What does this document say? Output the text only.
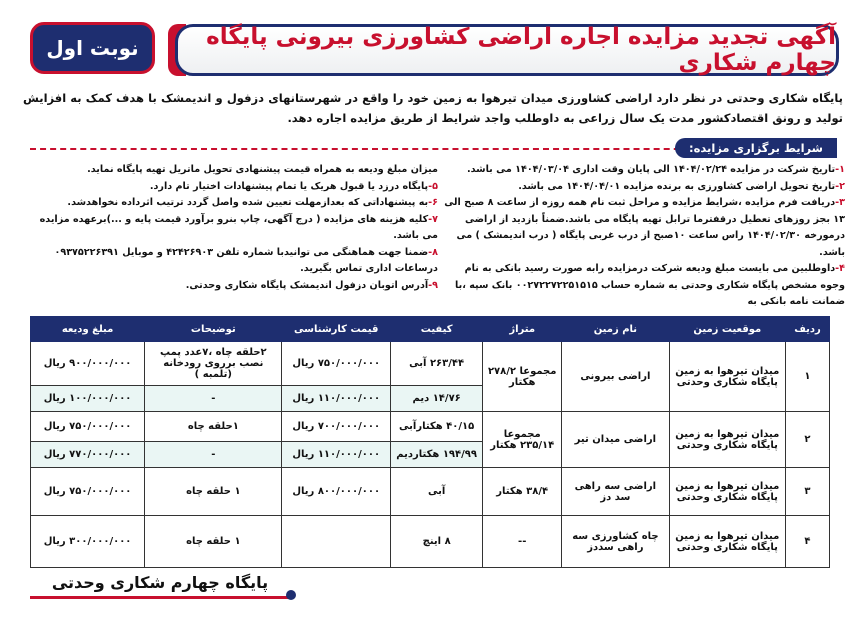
آگهی تجدید مزایده اجاره اراضی کشاورزی بیرونی پایگاه چهارم شکاری
نوبت اول
پایگاه شکاری وحدتی در نظر دارد اراضی کشاورزی میدان تیرهوا به زمین خود را واقع در شهرستانهای دزفول و اندیمشک با هدف کمک به افزایش تولید و رونق اقتصادکشور مدت یک سال زراعی به داوطلب واجد شرایط از طریق مزایده اجاره دهد.
شرایط برگزاری مزایده:

۱-تاریخ شرکت در مزایده ۱۴۰۴/۰۲/۲۴ الی پایان وقت اداری ۱۴۰۴/۰۳/۰۴ می باشد.

۲-تاریخ تحویل اراضی کشاورزی به برنده مزایده ۱۴۰۴/۰۴/۰۱ می باشد.

۳-دریافت فرم مزایده ،شرایط مزایده و مراحل ثبت نام همه روزه از ساعت ۸ صبح الی ۱۳ بجز روزهای تعطیل درقفترما ترابل تهیه پایگاه می باشد.ضمناً بازدید از اراضی درمورخه ۱۴۰۴/۰۲/۳۰ راس ساعت ۱۰صبح از درب غربی پایگاه ( درب اندیمشک ) می باشد.

۴-داوطلبین می بایست مبلغ ودیعه شرکت درمزایده رابه صورت رسید بانکی به نام وجوه مشخص پایگاه شکاری وحدتی به شماره حساب ۰۰۲۷۲۲۷۲۲۵۱۵۱۵ بانک سپه ،با ضمانت نامه بانکی به

میزان مبلغ ودیعه به همراه قیمت پیشنهادی تحویل ماتریل تهیه پایگاه نماید.

۵-پایگاه درزد یا قبول هریک یا تمام پیشنهادات اختیار تام دارد.

۶-به پیشنهاداتی که بعدازمهلت تعیین شده واصل گردد ترتیب اثرداده نخواهدشد.

۷-کلیه هزینه های مزایده ( درج آگهی، چاپ بنرو برآورد قیمت پایه و ...)برعهده مزایده می باشد.

۸-ضمنا جهت هماهنگی می توانیدبا شماره تلفن ۴۲۴۲۶۹۰۳ و موبایل ۰۹۳۷۵۲۲۶۳۹۱ درساعات اداری تماس بگیرید.

۹-آدرس اتوبان دزفول اندیمشک پایگاه شکاری وحدتی.

ردیف	موقعیت زمین	نام زمین	متراژ	کیفیت	قیمت کارشناسی	توضیحات	مبلغ ودیعه
۱	میدان تیرهوا به زمین پایگاه شکاری وحدتی	اراضی بیرونی	مجموعا ۲۷۸/۲ هکتار	۲۶۳/۴۴ آبی	۷۵۰/۰۰۰/۰۰۰ ریال	۲حلقه چاه ،۷عدد پمپ نصب برروی رودخانه (تلمبه )	۹۰۰/۰۰۰/۰۰۰ ریال
				۱۴/۷۶ دیم	۱۱۰/۰۰۰/۰۰۰ ریال	-	۱۰۰/۰۰۰/۰۰۰ ریال
۲	میدان تیرهوا به زمین پایگاه شکاری وحدتی	اراضی میدان تیر	مجموعا ۲۳۵/۱۴ هکتار	۴۰/۱۵ هکتارآبی	۷۰۰/۰۰۰/۰۰۰ ریال	۱حلقه چاه	۷۵۰/۰۰۰/۰۰۰ ریال
				۱۹۴/۹۹ هکتاردیم	۱۱۰/۰۰۰/۰۰۰ ریال	-	۷۷۰/۰۰۰/۰۰۰ ریال
۳	میدان تیرهوا به زمین پایگاه شکاری وحدتی	اراضی سه راهی سد دز	۳۸/۴ هکتار	آبی	۸۰۰/۰۰۰/۰۰۰ ریال	۱ حلقه چاه	۷۵۰/۰۰۰/۰۰۰ ریال
۴	میدان تیرهوا به زمین پایگاه شکاری وحدتی	چاه کشاورزی سه راهی سددز	--	۸ اینچ		۱ حلقه چاه	۳۰۰/۰۰۰/۰۰۰ ریال
پایگاه چهارم شکاری وحدتی
